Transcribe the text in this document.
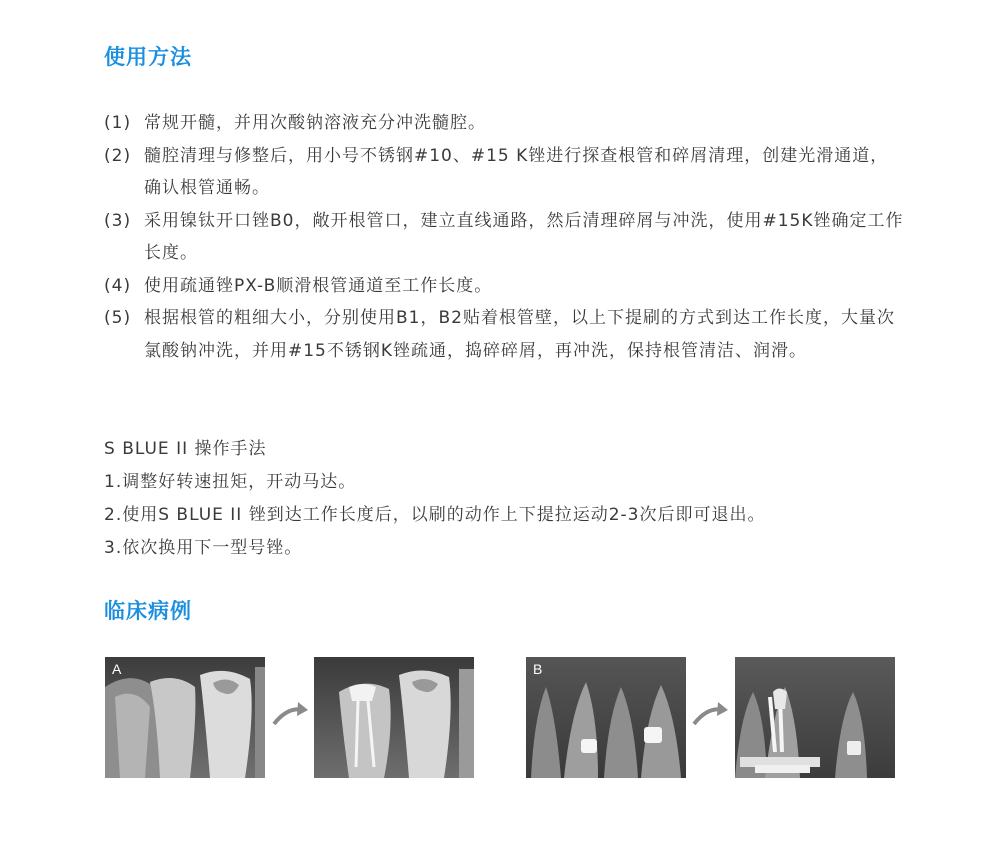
使用方法
(1) 常规开髓，并用次酸钠溶液充分冲洗髓腔。
(2) 髓腔清理与修整后，用小号不锈钢#10、#15 K锉进行探查根管和碎屑清理，创建光滑通道，确认根管通畅。
(3) 采用镍钛开口锉B0，敞开根管口，建立直线通路，然后清理碎屑与冲洗，使用#15K锉确定工作长度。
(4) 使用疏通锉PX-B顺滑根管通道至工作长度。
(5) 根据根管的粗细大小，分别使用B1，B2贴着根管壁，以上下提刷的方式到达工作长度，大量次氯酸钠冲洗，并用#15不锈钢K锉疏通，捣碎碎屑，再冲洗，保持根管清洁、润滑。
S BLUE II 操作手法
1.调整好转速扭矩，开动马达。
2.使用S BLUE II 锉到达工作长度后，以刷的动作上下提拉运动2-3次后即可退出。
3.依次换用下一型号锉。
临床病例
A	B
